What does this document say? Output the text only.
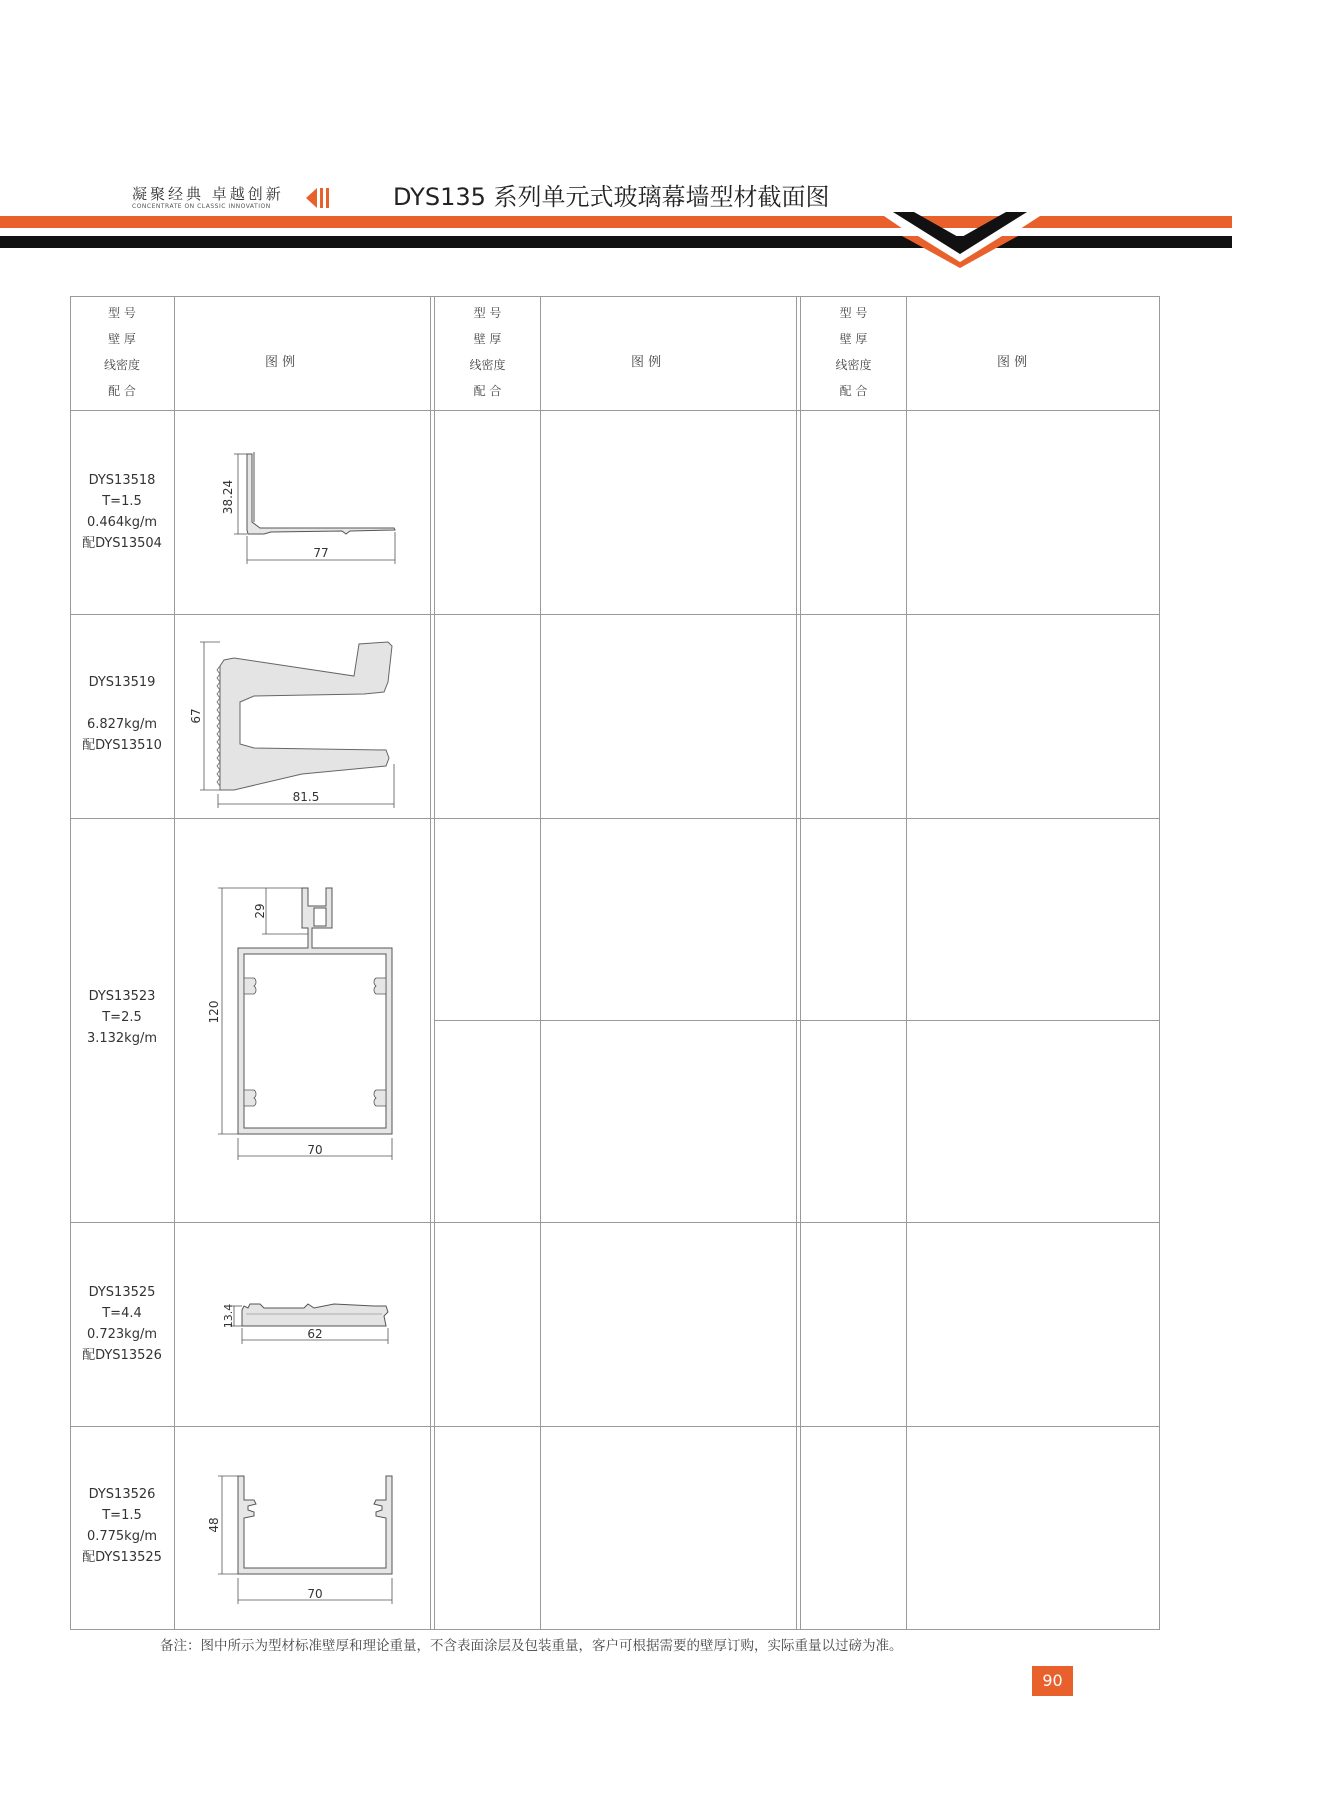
凝聚经典 卓越创新
CONCENTRATE ON CLASSIC INNOVATION	DYS135 系列单元式玻璃幕墙型材截面图
型 号
壁 厚
线密度
配 合
图 例
型 号
壁 厚
线密度
配 合
图 例
型 号
壁 厚
线密度
配 合
图 例
DYS13518
T=1.5
0.464kg/m
配DYS13504
38.24
77
DYS13519
6.827kg/m
配DYS13510
67
81.5
DYS13523
T=2.5
3.132kg/m
120
29
70
DYS13525
T=4.4
0.723kg/m
配DYS13526
13.4
62
DYS13526
T=1.5
0.775kg/m
配DYS13525
48
70
备注：图中所示为型材标准壁厚和理论重量，不含表面涂层及包装重量，客户可根据需要的壁厚订购，实际重量以过磅为准。
90
